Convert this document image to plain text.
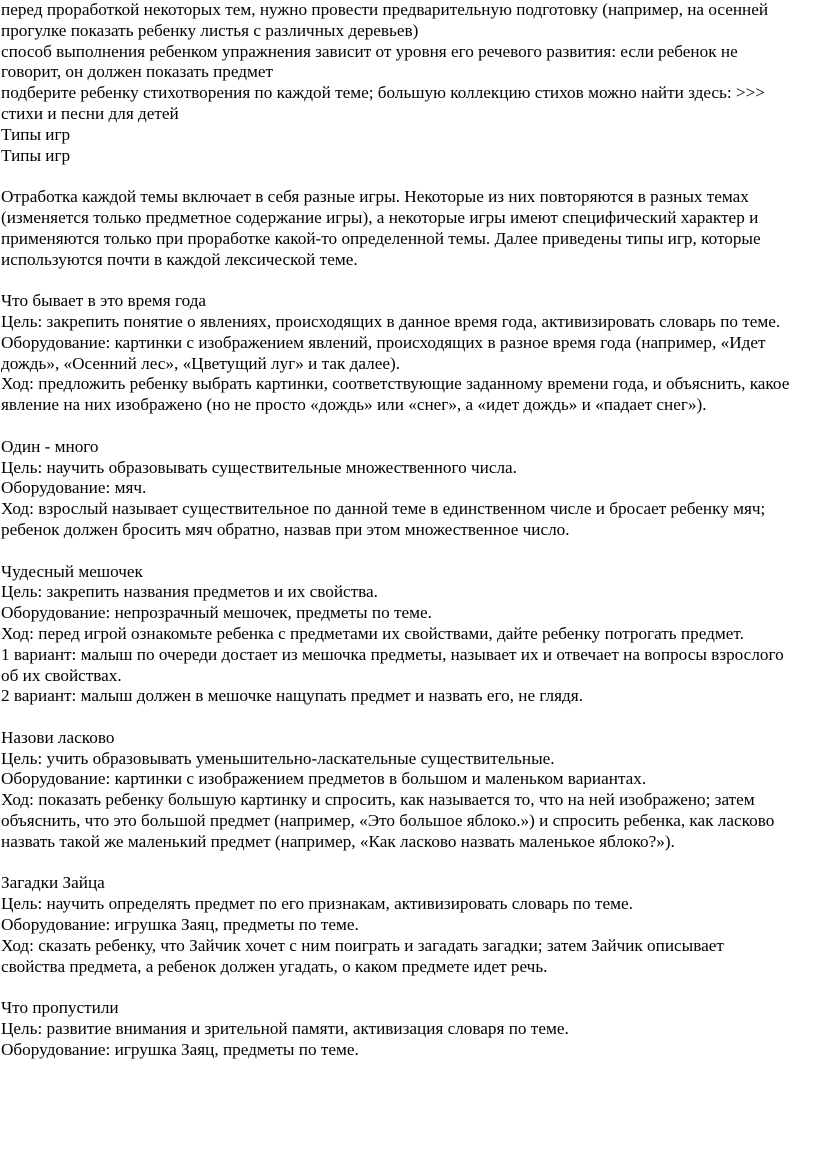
перед проработкой некоторых тем, нужно провести предварительную подготовку (например, на осенней прогулке показать ребенку листья с различных деревьев)

способ выполнения ребенком упражнения зависит от уровня его речевого развития: если ребенок не говорит, он должен показать предмет

подберите ребенку стихотворения по каждой теме; большую коллекцию стихов можно найти здесь: >>> стихи и песни для детей

Типы игр

Типы игр

Отработка каждой темы включает в себя разные игры. Некоторые из них повторяются в разных темах (изменяется только предметное содержание игры), а некоторые игры имеют специфический характер и применяются только при проработке какой-то определенной темы. Далее приведены типы игр, которые используются почти в каждой лексической теме.

Что бывает в это время года

Цель: закрепить понятие о явлениях, происходящих в данное время года, активизировать словарь по теме.

Оборудование: картинки с изображением явлений, происходящих в разное время года (например, «Идет дождь», «Осенний лес», «Цветущий луг» и так далее).

Ход: предложить ребенку выбрать картинки, соответствующие заданному времени года, и объяснить, какое явление на них изображено (но не просто «дождь» или «снег», а «идет дождь» и «падает снег»).

Один - много

Цель: научить образовывать существительные множественного числа.

Оборудование: мяч.

Ход: взрослый называет существительное по данной теме в единственном числе и бросает ребенку мяч; ребенок должен бросить мяч обратно, назвав при этом множественное число.

Чудесный мешочек

Цель: закрепить названия предметов и их свойства.

Оборудование: непрозрачный мешочек, предметы по теме.

Ход: перед игрой ознакомьте ребенка с предметами их свойствами, дайте ребенку потрогать предмет.

1 вариант: малыш по очереди достает из мешочка предметы, называет их и отвечает на вопросы взрослого об их свойствах.

2 вариант: малыш должен в мешочке нащупать предмет и назвать его, не глядя.

Назови ласково

Цель: учить образовывать уменьшительно-ласкательные существительные.

Оборудование: картинки с изображением предметов в большом и маленьком вариантах.

Ход: показать ребенку большую картинку и спросить, как называется то, что на ней изображено; затем объяснить, что это большой предмет (например, «Это большое яблоко.») и спросить ребенка, как ласково назвать такой же маленький предмет (например, «Как ласково назвать маленькое яблоко?»).

Загадки Зайца

Цель: научить определять предмет по его признакам, активизировать словарь по теме.

Оборудование: игрушка Заяц, предметы по теме.

Ход: сказать ребенку, что Зайчик хочет с ним поиграть и загадать загадки; затем Зайчик описывает свойства предмета, а ребенок должен угадать, о каком предмете идет речь.

Что пропустили

Цель: развитие внимания и зрительной памяти, активизация словаря по теме.

Оборудование: игрушка Заяц, предметы по теме.
